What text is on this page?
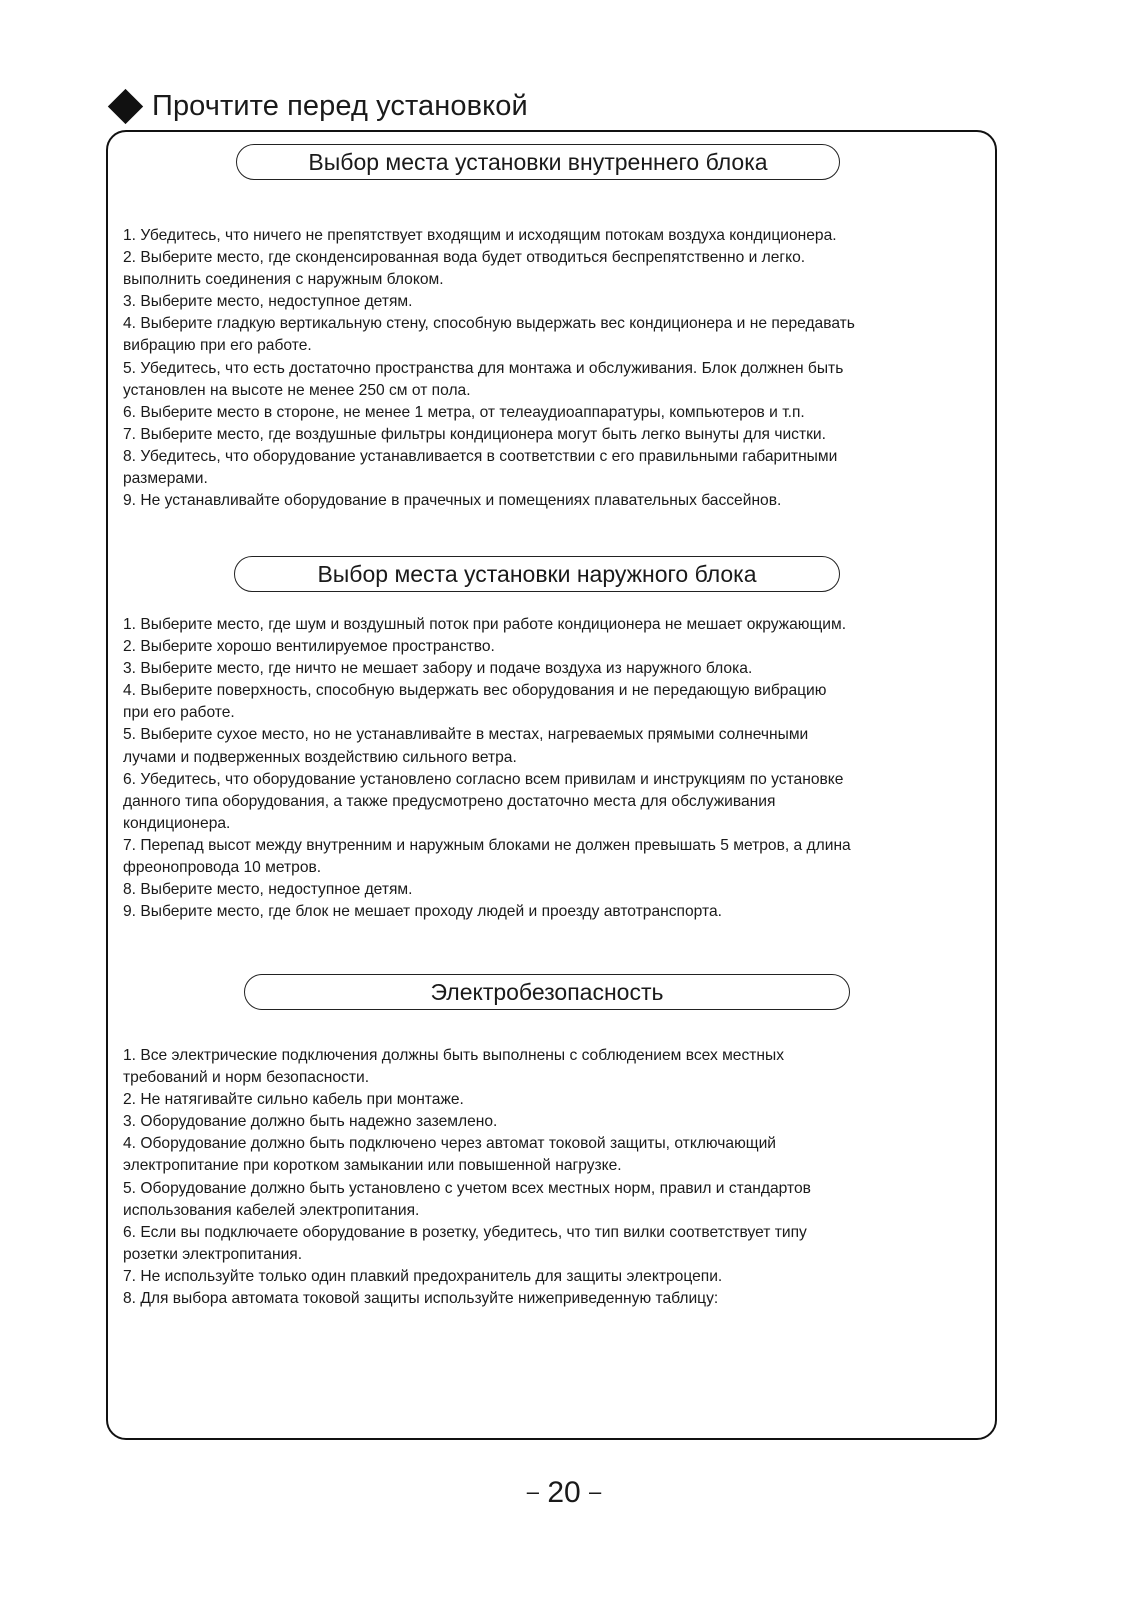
Прочтите перед установкой
Выбор места установки внутреннего блока
1. Убедитесь, что ничего не препятствует входящим и исходящим потокам воздуха кондиционера.
2. Выберите место, где сконденсированная вода будет отводиться беспрепятственно и легко.
выполнить соединения с наружным блоком.
3. Выберите место, недоступное детям.
4. Выберите гладкую вертикальную стену, способную выдержать вес кондиционера и не передавать
вибрацию при его работе.
5. Убедитесь, что есть достаточно пространства для монтажа и обслуживания. Блок должнен быть
установлен на высоте не менее 250 см от пола.
6. Выберите место в стороне, не менее 1 метра, от телеаудиоаппаратуры, компьютеров и т.п.
7. Выберите место, где воздушные фильтры кондиционера могут быть легко вынуты для чистки.
8. Убедитесь, что оборудование устанавливается в соответствии с его правильными габаритными
размерами.
9. Не устанавливайте оборудование в прачечных и помещениях плавательных бассейнов.
Выбор места установки наружного блока
1. Выберите место, где шум и воздушный поток при работе кондиционера не мешает окружающим.
2. Выберите хорошо вентилируемое пространство.
3. Выберите место, где ничто не мешает забору и подаче воздуха из наружного блока.
4. Выберите поверхность, способную выдержать вес оборудования и не передающую вибрацию
при его работе.
5. Выберите сухое место, но не устанавливайте в местах, нагреваемых прямыми солнечными
лучами и подверженных воздействию сильного ветра.
6. Убедитесь, что оборудование установлено согласно всем привилам и инструкциям по установке
данного типа оборудования, а также предусмотрено достаточно места для обслуживания
кондиционера.
7. Перепад высот между внутренним и наружным блоками не должен превышать 5 метров, а длина
фреонопровода 10 метров.
8. Выберите место, недоступное детям.
9. Выберите место, где блок не мешает проходу людей и проезду автотранспорта.
Электробезопасность
1. Все электрические подключения должны быть выполнены с соблюдением всех местных
требований и норм безопасности.
2. Не натягивайте сильно кабель при монтаже.
3. Оборудование должно быть надежно заземлено.
4. Оборудование должно быть подключено через автомат токовой защиты, отключающий
электропитание при коротком замыкании или повышенной нагрузке.
5. Оборудование должно быть установлено с учетом всех местных норм, правил и стандартов
использования кабелей электропитания.
6. Если вы подключаете оборудование в розетку, убедитесь, что тип вилки соответствует типу
розетки электропитания.
7. Не используйте только один плавкий предохранитель для защиты электроцепи.
8. Для выбора автомата токовой защиты используйте нижеприведенную таблицу:
– 20 –
